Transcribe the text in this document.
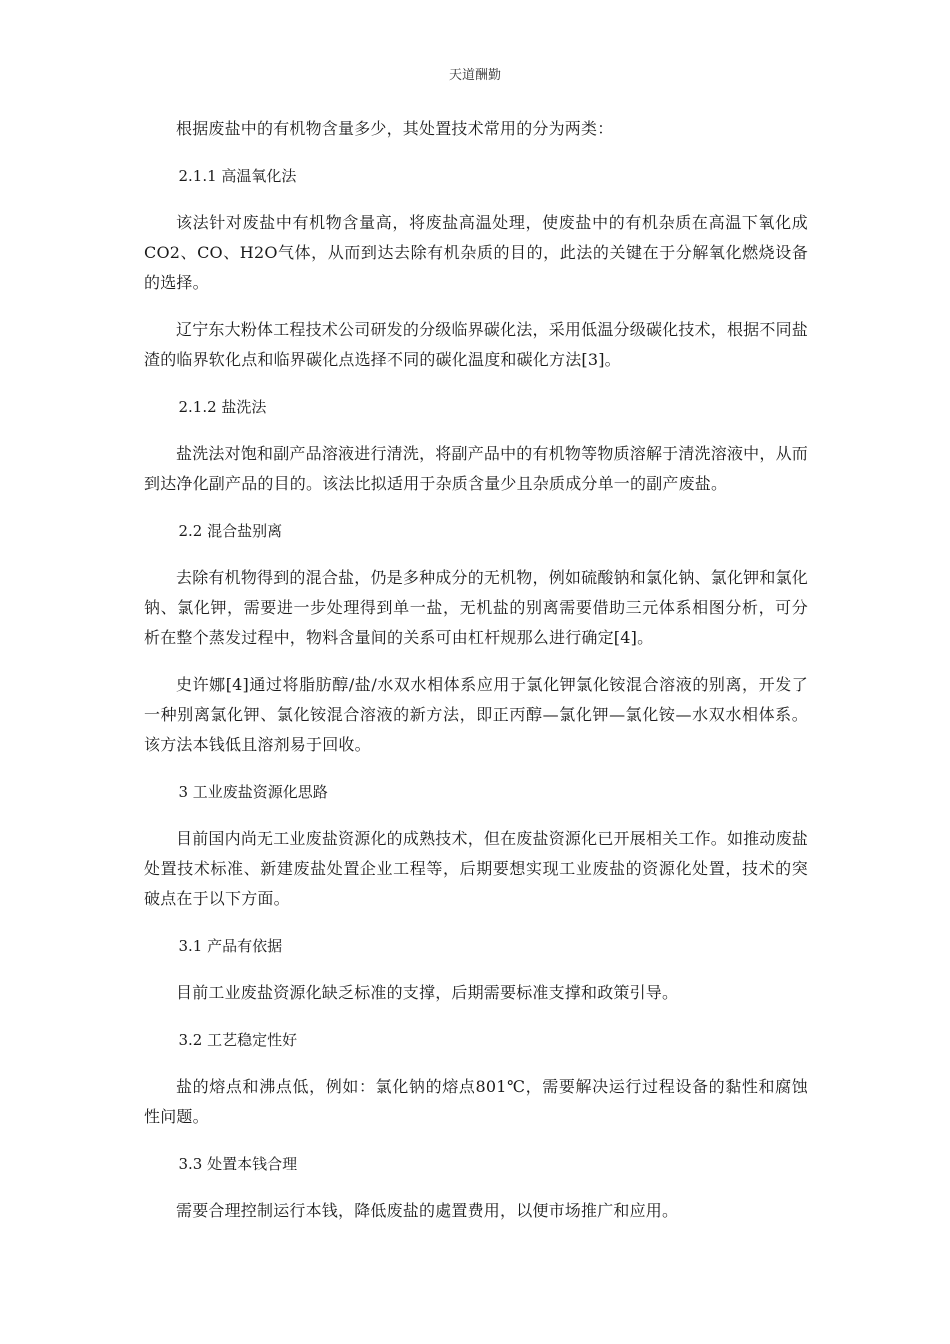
天道酬勤

根据废盐中的有机物含量多少，其处置技术常用的分为两类：

2.1.1 高温氧化法

该法针对废盐中有机物含量高，将废盐高温处理，使废盐中的有机杂质在高温下氧化成CO2、CO、H2O气体，从而到达去除有机杂质的目的，此法的关键在于分解氧化燃烧设备的选择。

辽宁东大粉体工程技术公司研发的分级临界碳化法，采用低温分级碳化技术，根据不同盐渣的临界软化点和临界碳化点选择不同的碳化温度和碳化方法[3]。

2.1.2 盐洗法

盐洗法对饱和副产品溶液进行清洗，将副产品中的有机物等物质溶解于清洗溶液中，从而到达净化副产品的目的。该法比拟适用于杂质含量少且杂质成分单一的副产废盐。

2.2 混合盐别离

去除有机物得到的混合盐，仍是多种成分的无机物，例如硫酸钠和氯化钠、氯化钾和氯化钠、氯化钾，需要进一步处理得到单一盐，无机盐的别离需要借助三元体系相图分析，可分析在整个蒸发过程中，物料含量间的关系可由杠杆规那么进行确定[4]。

史许娜[4]通过将脂肪醇/盐/水双水相体系应用于氯化钾氯化铵混合溶液的别离，开发了一种别离氯化钾、氯化铵混合溶液的新方法，即正丙醇—氯化钾—氯化铵—水双水相体系。该方法本钱低且溶剂易于回收。

3 工业废盐资源化思路

目前国内尚无工业废盐资源化的成熟技术，但在废盐资源化已开展相关工作。如推动废盐处置技术标准、新建废盐处置企业工程等，后期要想实现工业废盐的资源化处置，技术的突破点在于以下方面。

3.1 产品有依据

目前工业废盐资源化缺乏标准的支撑，后期需要标准支撑和政策引导。

3.2 工艺稳定性好

盐的熔点和沸点低，例如：氯化钠的熔点801℃，需要解决运行过程设备的黏性和腐蚀性问题。

3.3 处置本钱合理

需要合理控制运行本钱，降低废盐的處置费用，以便市场推广和应用。
